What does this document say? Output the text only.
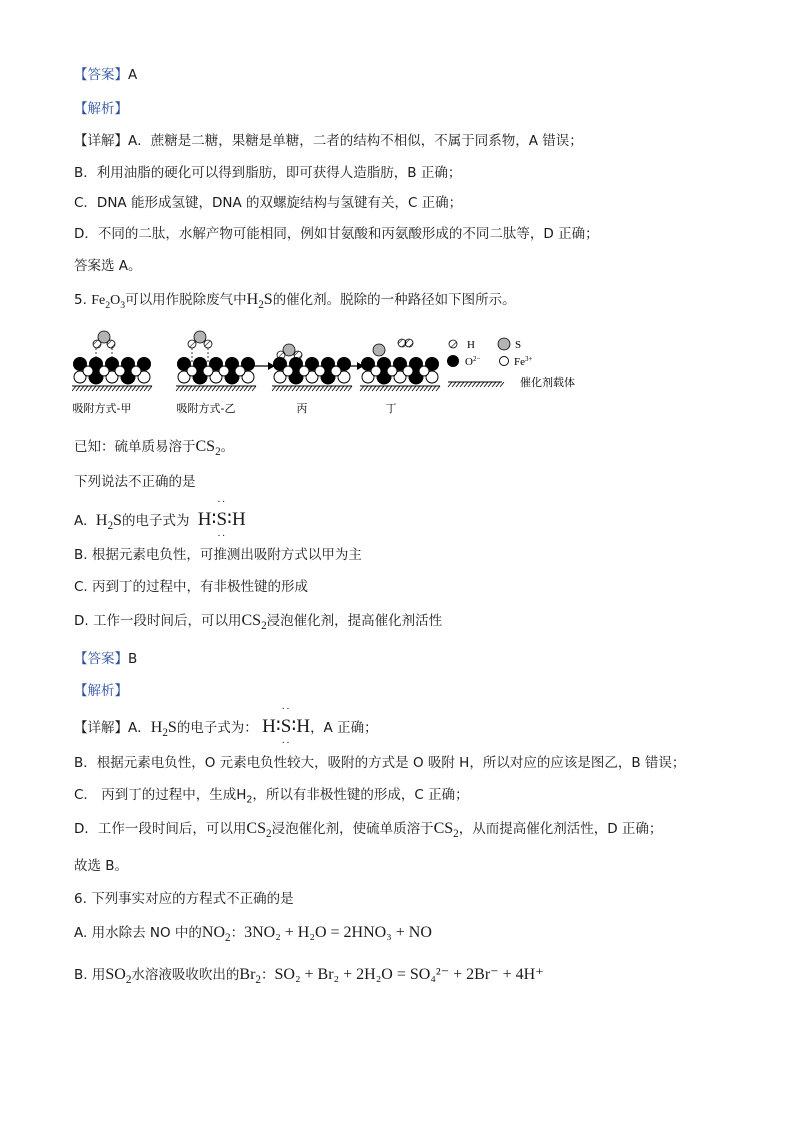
【答案】A
【解析】
【详解】A．蔗糖是二糖，果糖是单糖，二者的结构不相似，不属于同系物，A 错误；
B．利用油脂的硬化可以得到脂肪，即可获得人造脂肪，B 正确；
C．DNA 能形成氢键，DNA 的双螺旋结构与氢键有关，C 正确；
D．不同的二肽，水解产物可能相同，例如甘氨酸和丙氨酸形成的不同二肽等，D 正确；
答案选 A。
5. $Fe_2O_3$可以用作脱除废气中$H_2S$的催化剂。脱除的一种路径如下图所示。
H	S
$O^{2-}$	$Fe^{3+}$
催化剂载体
吸附方式-甲	吸附方式-乙	丙	丁
已知：硫单质易溶于$CS_2$。
下列说法不正确的是
A. $H_2S$的电子式为 H∶
··
S
··
∶H
B. 根据元素电负性，可推测出吸附方式以甲为主
C. 丙到丁的过程中，有非极性键的形成
D. 工作一段时间后，可以用$CS_2$浸泡催化剂，提高催化剂活性
【答案】B
【解析】
【详解】A．$H_2S$的电子式为： H∶
··
S
··
∶H，A 正确；
B．根据元素电负性，O 元素电负性较大，吸附的方式是 O 吸附 H，所以对应的应该是图乙，B 错误；
C． 丙到丁的过程中，生成$H_2$，所以有非极性键的形成，C 正确；
D．工作一段时间后，可以用$CS_2$浸泡催化剂，使硫单质溶于$CS_2$，从而提高催化剂活性，D 正确；
故选 B。
6. 下列事实对应的方程式不正确的是
A. 用水除去 NO 中的$NO_2$：3NO₂ + H₂O = 2HNO₃ + NO
B. 用$SO_2$水溶液吸收吹出的$Br_2$：SO₂ + Br₂ + 2H₂O = SO₄²⁻ + 2Br⁻ + 4H⁺
